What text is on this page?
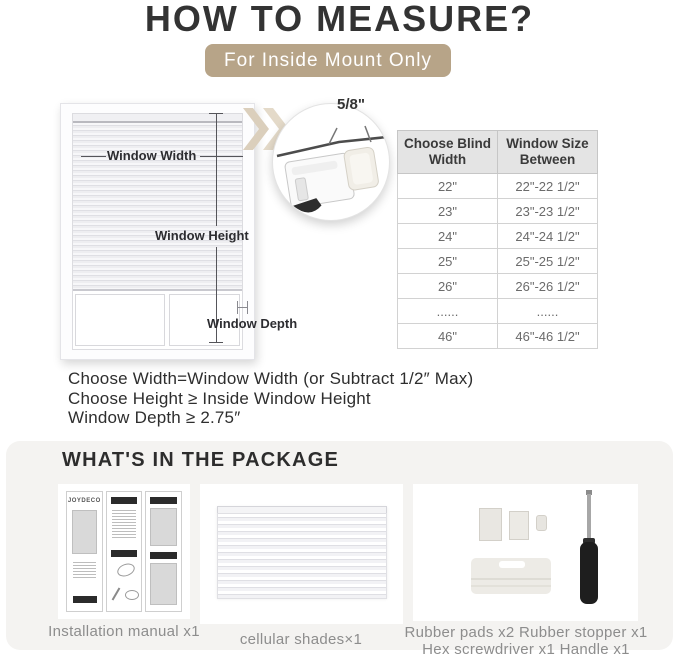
HOW TO MEASURE?
For Inside Mount Only
Window Width
Window Height
Window Depth
5/8"
Choose Blind Width	Window Size Between
22"	22"-22 1/2"
23"	23"-23 1/2"
24"	24"-24 1/2"
25"	25"-25 1/2"
26"	26"-26 1/2"
......	......
46"	46"-46 1/2"
Choose Width=Window Width (or Subtract 1/2″ Max)
Choose Height ≥ Inside Window Height
Window Depth ≥ 2.75″
WHAT'S IN THE PACKAGE
JOYDECO
Installation manual x1	cellular shades×1	Rubber pads x2 Rubber stopper x1
Hex screwdriver x1 Handle x1
